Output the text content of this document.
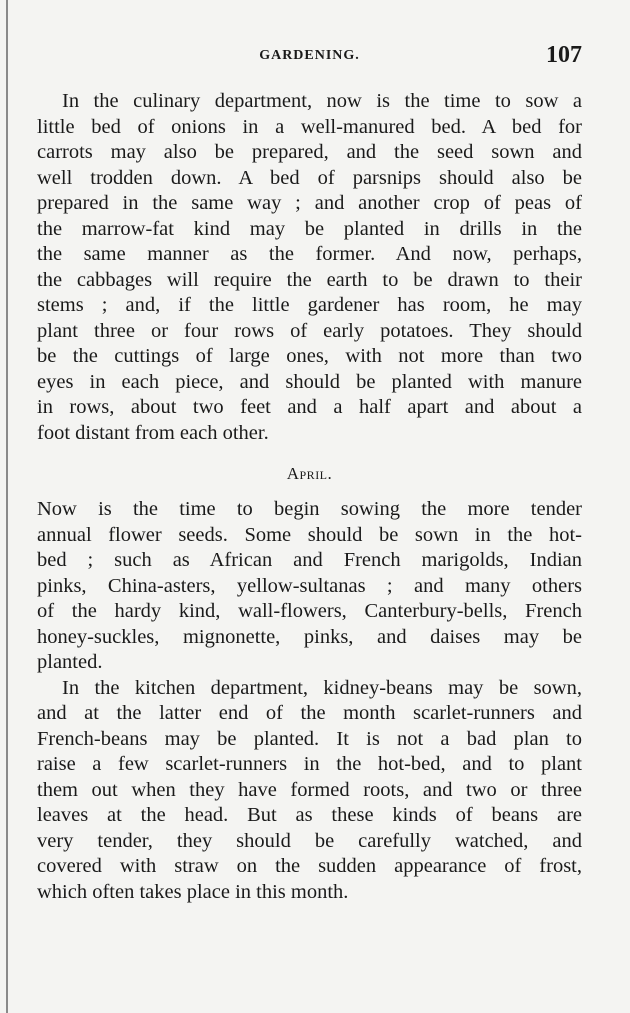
GARDENING.	107
In the culinary department, now is the time to sow a
little bed of onions in a well-manured bed. A bed for
carrots may also be prepared, and the seed sown and
well trodden down. A bed of parsnips should also be
prepared in the same way ; and another crop of peas of
the marrow-fat kind may be planted in drills in the
the same manner as the former. And now, perhaps,
the cabbages will require the earth to be drawn to their
stems ; and, if the little gardener has room, he may
plant three or four rows of early potatoes. They should
be the cuttings of large ones, with not more than two
eyes in each piece, and should be planted with manure
in rows, about two feet and a half apart and about a
foot distant from each other.
April.
Now is the time to begin sowing the more tender
annual flower seeds. Some should be sown in the hot-
bed ; such as African and French marigolds, Indian
pinks, China-asters, yellow-sultanas ; and many others
of the hardy kind, wall-flowers, Canterbury-bells, French
honey-suckles, mignonette, pinks, and daises may be
planted.
In the kitchen department, kidney-beans may be sown,
and at the latter end of the month scarlet-runners and
French-beans may be planted. It is not a bad plan to
raise a few scarlet-runners in the hot-bed, and to plant
them out when they have formed roots, and two or three
leaves at the head. But as these kinds of beans are
very tender, they should be carefully watched, and
covered with straw on the sudden appearance of frost,
which often takes place in this month.
